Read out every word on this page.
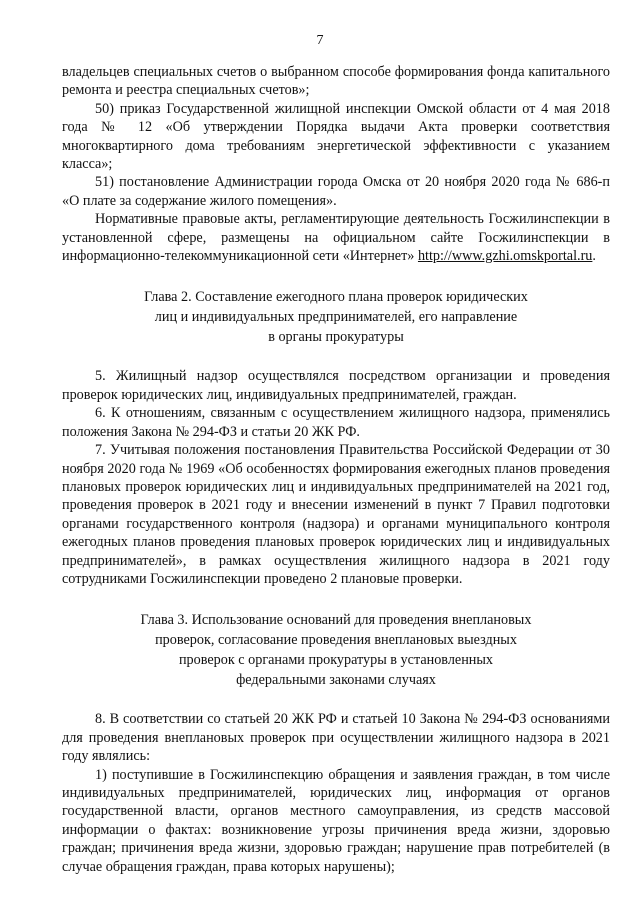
7

владельцев специальных счетов о выбранном способе формирования фонда капитального ремонта и реестра специальных счетов»;

50) приказ Государственной жилищной инспекции Омской области от 4 мая 2018 года № 12 «Об утверждении Порядка выдачи Акта проверки соответствия многоквартирного дома требованиям энергетической эффективности с указанием класса»;

51) постановление Администрации города Омска от 20 ноября 2020 года № 686-п «О плате за содержание жилого помещения».

Нормативные правовые акты, регламентирующие деятельность Госжилинспекции в установленной сфере, размещены на официальном сайте Госжилинспекции в информационно-телекоммуникационной сети «Интернет» http://www.gzhi.omskportal.ru.

Глава 2. Составление ежегодного плана проверок юридических
лиц и индивидуальных предпринимателей, его направление
в органы прокуратуры

5. Жилищный надзор осуществлялся посредством организации и проведения проверок юридических лиц, индивидуальных предпринимателей, граждан.

6. К отношениям, связанным с осуществлением жилищного надзора, применялись положения Закона № 294-ФЗ и статьи 20 ЖК РФ.

7. Учитывая положения постановления Правительства Российской Федерации от 30 ноября 2020 года № 1969 «Об особенностях формирования ежегодных планов проведения плановых проверок юридических лиц и индивидуальных предпринимателей на 2021 год, проведения проверок в 2021 году и внесении изменений в пункт 7 Правил подготовки органами государственного контроля (надзора) и органами муниципального контроля ежегодных планов проведения плановых проверок юридических лиц и индивидуальных предпринимателей», в рамках осуществления жилищного надзора в 2021 году сотрудниками Госжилинспекции проведено 2 плановые проверки.

Глава 3. Использование оснований для проведения внеплановых
проверок, согласование проведения внеплановых выездных
проверок с органами прокуратуры в установленных
федеральными законами случаях

8. В соответствии со статьей 20 ЖК РФ и статьей 10 Закона № 294-ФЗ основаниями для проведения внеплановых проверок при осуществлении жилищного надзора в 2021 году являлись:

1) поступившие в Госжилинспекцию обращения и заявления граждан, в том числе индивидуальных предпринимателей, юридических лиц, информация от органов государственной власти, органов местного самоуправления, из средств массовой информации о фактах: возникновение угрозы причинения вреда жизни, здоровью граждан; причинения вреда жизни, здоровью граждан; нарушение прав потребителей (в случае обращения граждан, права которых нарушены);
